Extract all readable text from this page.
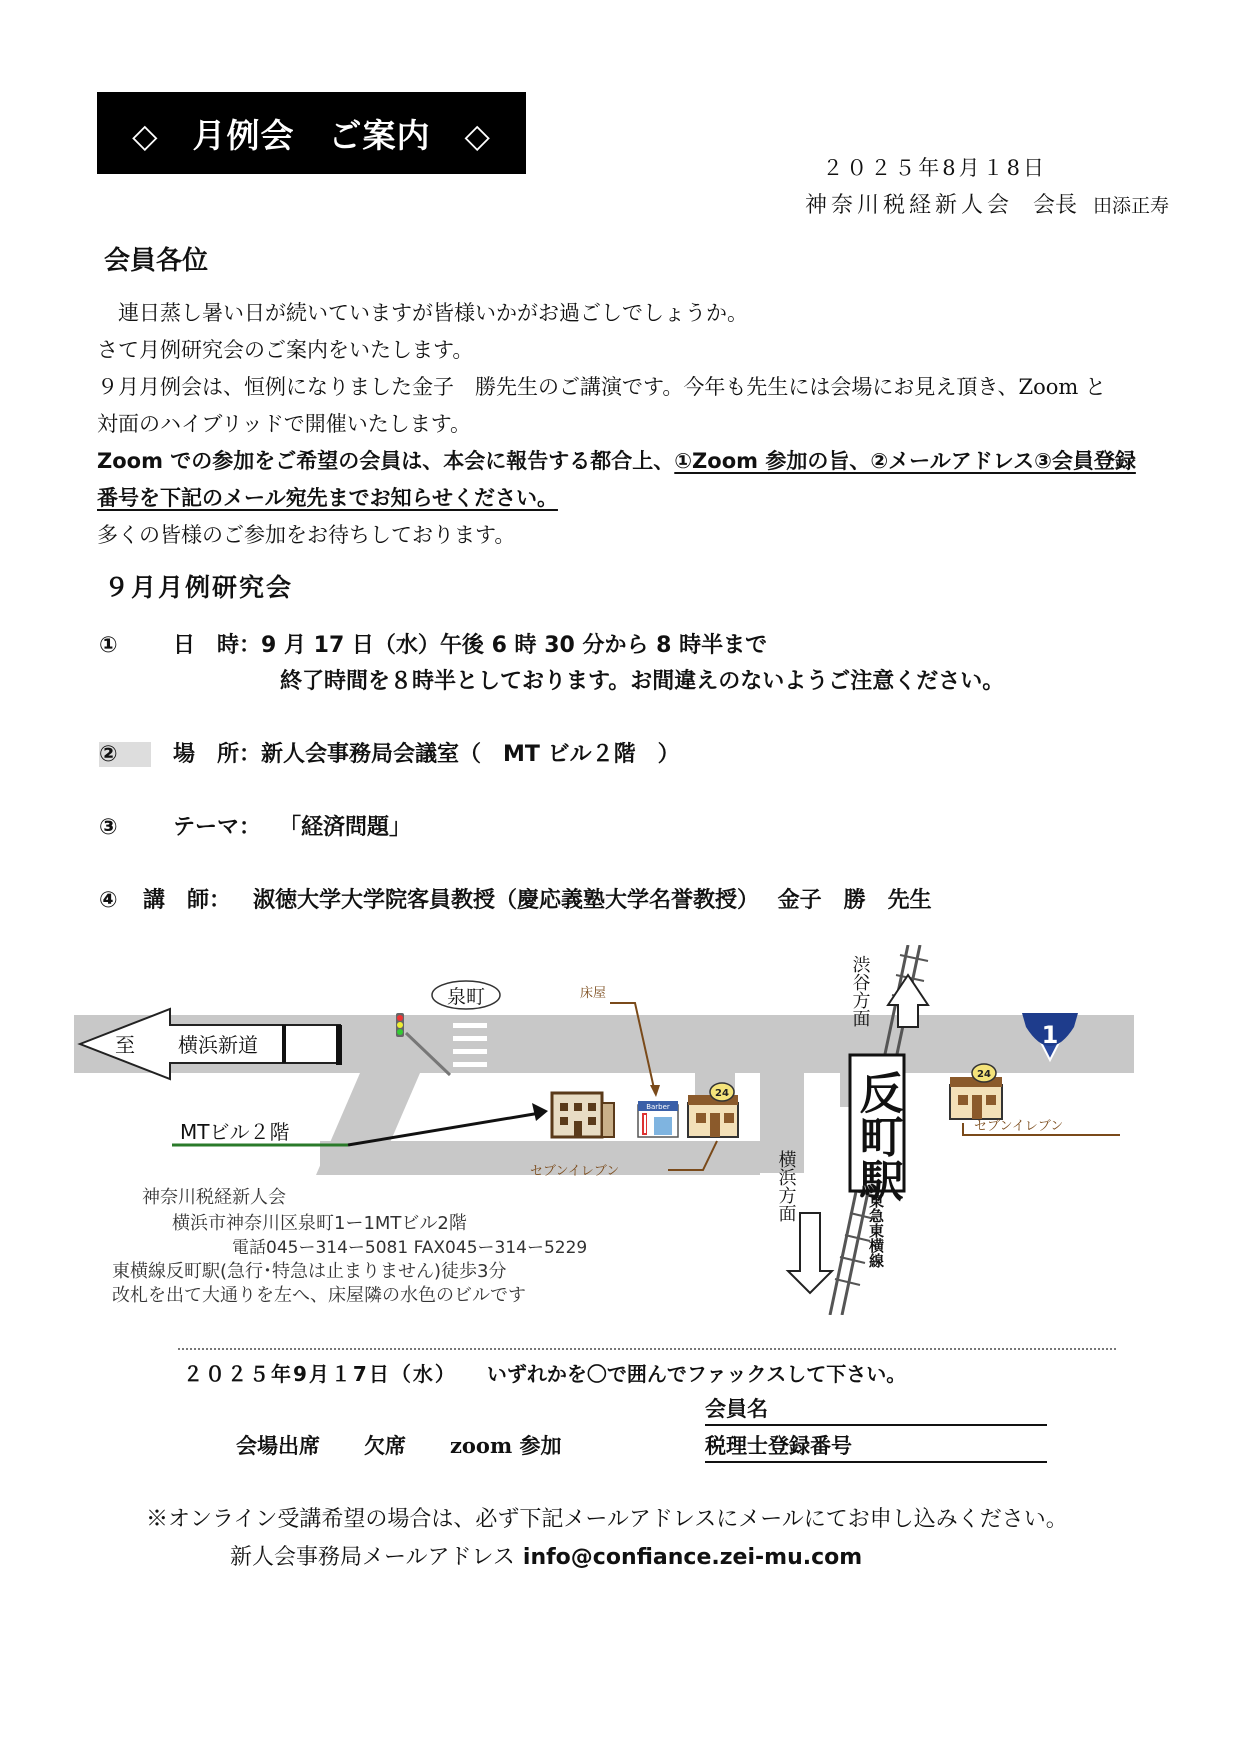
◇　月例会　ご案内　◇
２０２５年8月１8日
神奈川税経新人会 会長 田添正寿
会員各位
　連日蒸し暑い日が続いていますが皆様いかがお過ごしでしょうか。
さて月例研究会のご案内をいたします。
９月月例会は、恒例になりました金子　勝先生のご講演です。今年も先生には会場にお見え頂き、Zoom と
対面のハイブリッドで開催いたします。
Zoom での参加をご希望の会員は、本会に報告する都合上、①Zoom 参加の旨、②メールアドレス③会員登録
番号を下記のメール宛先までお知らせください。
多くの皆様のご参加をお待ちしております。
９月月例研究会
①　日　時：9 月 17 日（水）午後 6 時 30 分から 8 時半まで
終了時間を８時半としております。お間違えのないようご注意ください。
②　場　所：新人会事務局会議室（　MT ビル２階　）
③　テーマ： 「経済問題」
④ 講　師： 淑徳大学大学院客員教授（慶応義塾大学名誉教授）　 金子　勝　先生
泉町
至 横浜新道
床屋
Barber
24
セブンイレブン
24
セブンイレブン
1
反町駅
渋谷方面
横浜方面
東急東横線
MTビル２階
神奈川税経新人会
横浜市神奈川区泉町1ー1MTビル2階
電話045ー314ー5081 FAX045ー314ー5229
東横線反町駅(急行･特急は止まりません)徒歩3分
改札を出て大通りを左へ、床屋隣の水色のビルです
２０２５年9月１7日（水） いずれかを〇で囲んでファックスして下さい。
会員名
税理士登録番号
会場出席 欠席 zoom 参加
※オンライン受講希望の場合は、必ず下記メールアドレスにメールにてお申し込みください。
新人会事務局メールアドレス info@confiance.zei-mu.com
